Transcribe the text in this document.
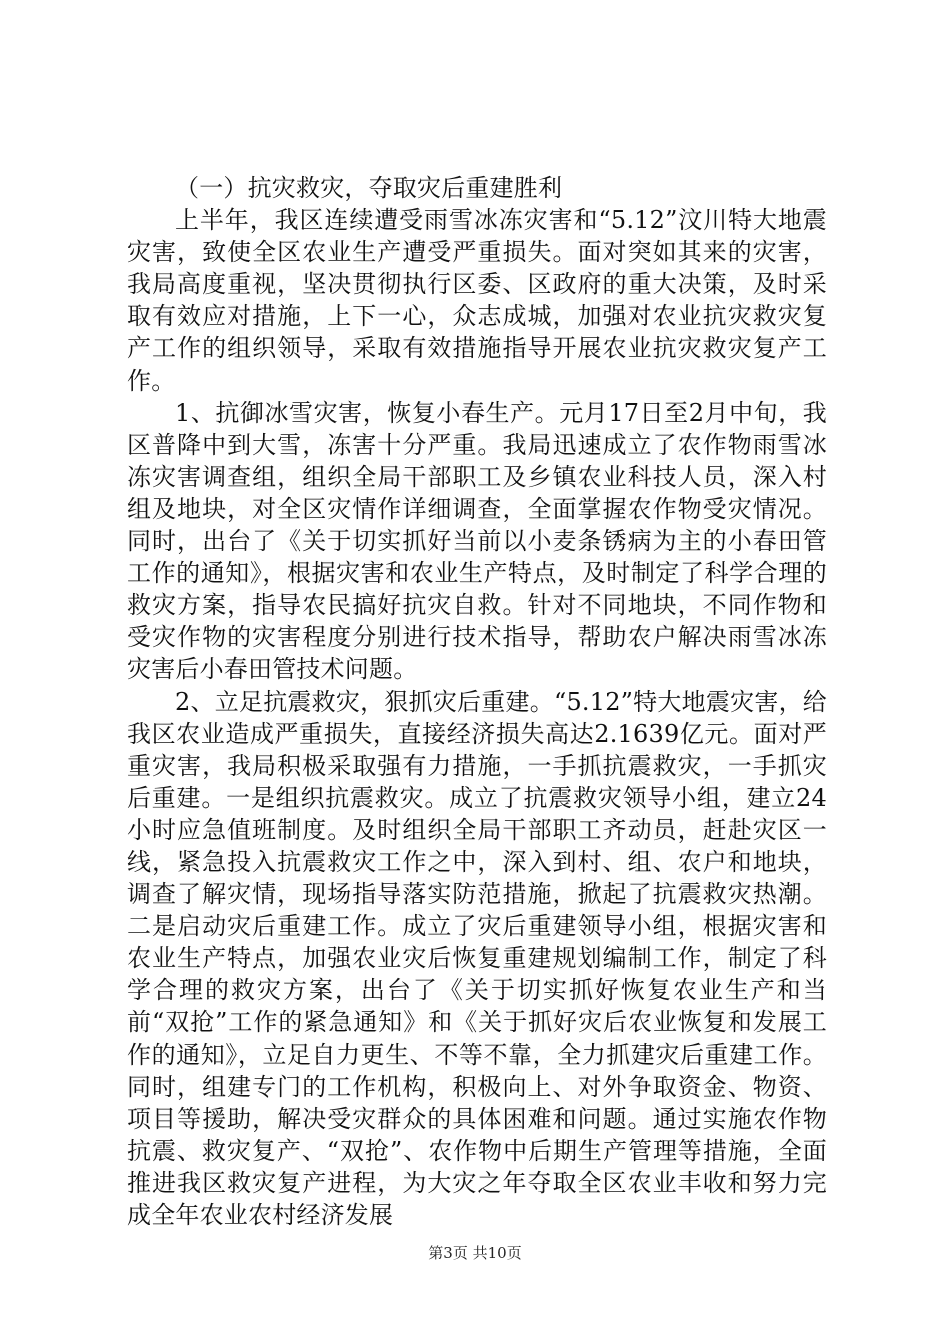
（一）抗灾救灾，夺取灾后重建胜利

上半年，我区连续遭受雨雪冰冻灾害和“5.12”汶川特大地震灾害，致使全区农业生产遭受严重损失。面对突如其来的灾害，我局高度重视，坚决贯彻执行区委、区政府的重大决策，及时采取有效应对措施，上下一心，众志成城，加强对农业抗灾救灾复产工作的组织领导，采取有效措施指导开展农业抗灾救灾复产工作。

1、抗御冰雪灾害，恢复小春生产。元月17日至2月中旬，我区普降中到大雪，冻害十分严重。我局迅速成立了农作物雨雪冰冻灾害调查组，组织全局干部职工及乡镇农业科技人员，深入村组及地块，对全区灾情作详细调查，全面掌握农作物受灾情况。同时，出台了《关于切实抓好当前以小麦条锈病为主的小春田管工作的通知》，根据灾害和农业生产特点，及时制定了科学合理的救灾方案，指导农民搞好抗灾自救。针对不同地块，不同作物和受灾作物的灾害程度分别进行技术指导，帮助农户解决雨雪冰冻灾害后小春田管技术问题。

2、立足抗震救灾，狠抓灾后重建。“5.12”特大地震灾害，给我区农业造成严重损失，直接经济损失高达2.1639亿元。面对严重灾害，我局积极采取强有力措施，一手抓抗震救灾，一手抓灾后重建。一是组织抗震救灾。成立了抗震救灾领导小组，建立24小时应急值班制度。及时组织全局干部职工齐动员，赶赴灾区一线，紧急投入抗震救灾工作之中，深入到村、组、农户和地块，调查了解灾情，现场指导落实防范措施，掀起了抗震救灾热潮。二是启动灾后重建工作。成立了灾后重建领导小组，根据灾害和农业生产特点，加强农业灾后恢复重建规划编制工作，制定了科学合理的救灾方案，出台了《关于切实抓好恢复农业生产和当前“双抢”工作的紧急通知》和《关于抓好灾后农业恢复和发展工作的通知》，立足自力更生、不等不靠，全力抓建灾后重建工作。同时，组建专门的工作机构，积极向上、对外争取资金、物资、项目等援助，解决受灾群众的具体困难和问题。通过实施农作物抗震、救灾复产、“双抢”、农作物中后期生产管理等措施，全面推进我区救灾复产进程，为大灾之年夺取全区农业丰收和努力完成全年农业农村经济发展

第3页 共10页
